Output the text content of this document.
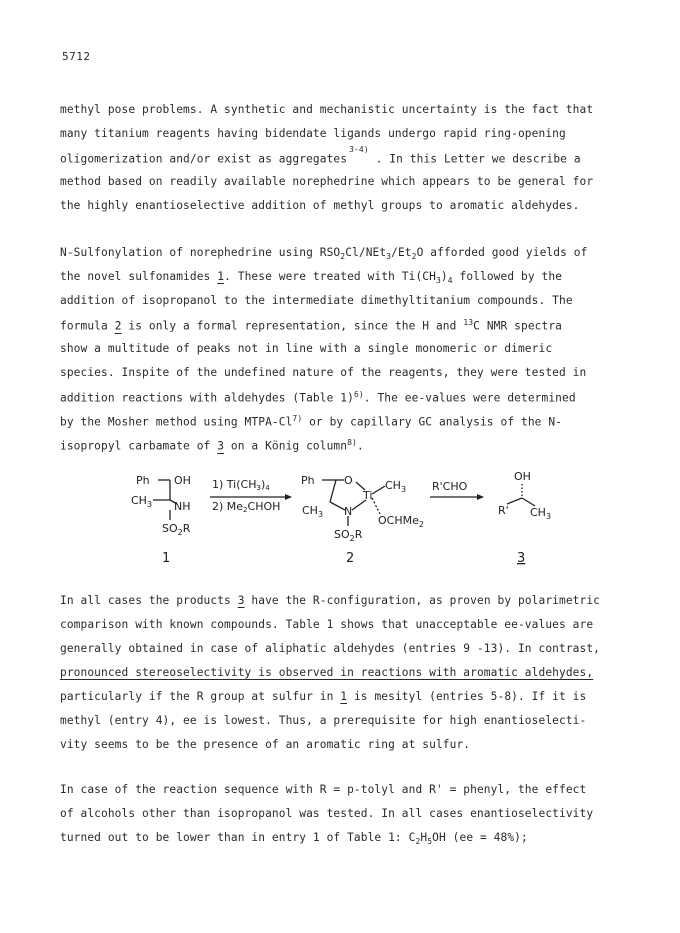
5712
methyl pose problems. A synthetic and mechanistic uncertainty is the fact that
many titanium reagents having bidendate ligands undergo rapid ring-opening
oligomerization and/or exist as aggregates$^{3-4)}$ . In this Letter we describe a
method based on readily available norephedrine which appears to be general for
the highly enantioselective addition of methyl groups to aromatic aldehydes.
N-Sulfonylation of norephedrine using $RSO_2Cl/NEt_3/Et_2O$ afforded good yields of
the novel sulfonamides 1. These were treated with $Ti(CH_3)_4$ followed by the
addition of isopropanol to the intermediate dimethyltitanium compounds. The
formula 2 is only a formal representation, since the H and $^{13}$C NMR spectra
show a multitude of peaks not in line with a single monomeric or dimeric
species. Inspite of the undefined nature of the reagents, they were tested in
addition reactions with aldehydes (Table 1)$^{6)}$. The ee-values were determined
by the Mosher method using MTPA-Cl$^{7)}$ or by capillary GC analysis of the N-
isopropyl carbamate of 3 on a König column$^{8)}$.
Ph OH
$CH_3$ NH
$SO_2R$
1
1) Ti(CH3)4
2) Me2CHOH
Ph	O
Ti
$CH_3$
$CH_3$ N
OCHMe$_2$
$SO_2R$
2
R'CHO
OH
R' $CH_3$
3
In all cases the products 3 have the R-configuration, as proven by polarimetric
comparison with known compounds. Table 1 shows that unacceptable ee-values are
generally obtained in case of aliphatic aldehydes (entries 9 -13). In contrast,
pronounced stereoselectivity is observed in reactions with aromatic aldehydes,
particularly if the R group at sulfur in 1 is mesityl (entries 5-8). If it is
methyl (entry 4), ee is lowest. Thus, a prerequisite for high enantioselecti-
vity seems to be the presence of an aromatic ring at sulfur.
In case of the reaction sequence with R = p-tolyl and R' = phenyl, the effect
of alcohols other than isopropanol was tested. In all cases enantioselectivity
turned out to be lower than in entry 1 of Table 1: $C_2H_5OH$ (ee = 48%);
